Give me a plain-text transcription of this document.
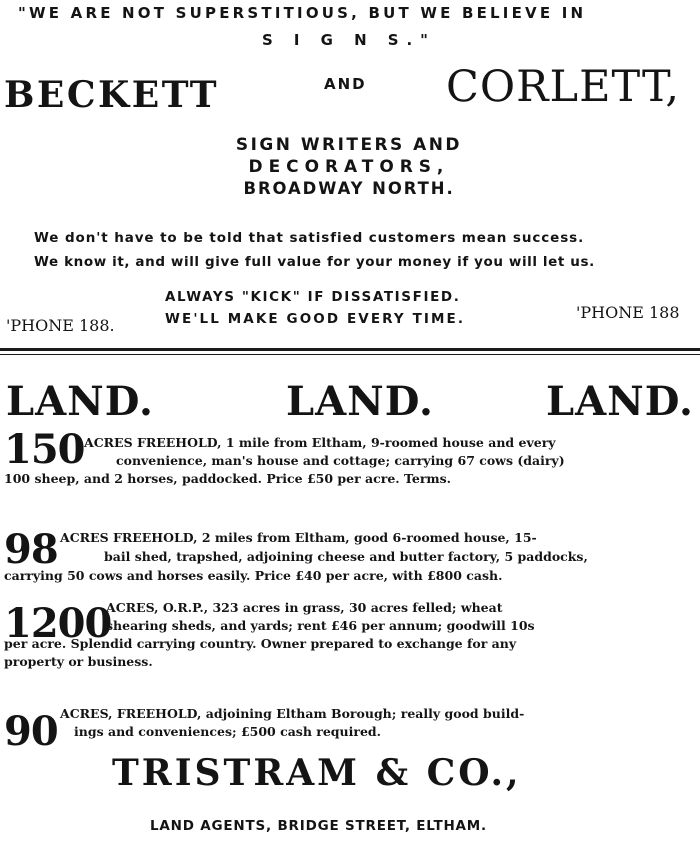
"WE ARE NOT SUPERSTITIOUS, BUT WE BELIEVE IN
S I G N S."
BECKETT	AND CORLETT,
SIGN WRITERS AND
DECORATORS,
BROADWAY NORTH.
We don't have to be told that satisfied customers mean success.
We know it, and will give full value for your money if you will let us.
ALWAYS "KICK" IF DISSATISFIED.
WE'LL MAKE GOOD EVERY TIME.
'PHONE 188.
'PHONE 188
LAND.	LAND.	LAND.
150 ACRES FREEHOLD, 1 mile from Eltham, 9-roomed house and every
convenience, man's house and cottage; carrying 67 cows (dairy)
100 sheep, and 2 horses, paddocked. Price £50 per acre. Terms.
98 ACRES FREEHOLD, 2 miles from Eltham, good 6-roomed house, 15-
bail shed, trapshed, adjoining cheese and butter factory, 5 paddocks,
carrying 50 cows and horses easily. Price £40 per acre, with £800 cash.
1200
ACRES, O.R.P., 323 acres in grass, 30 acres felled; wheat
shearing sheds, and yards; rent £46 per annum; goodwill 10s
per acre. Splendid carrying country. Owner prepared to exchange for any
property or business.
90 ACRES, FREEHOLD, adjoining Eltham Borough; really good build-
ings and conveniences; £500 cash required.
TRISTRAM & CO.,
LAND AGENTS, BRIDGE STREET, ELTHAM.
